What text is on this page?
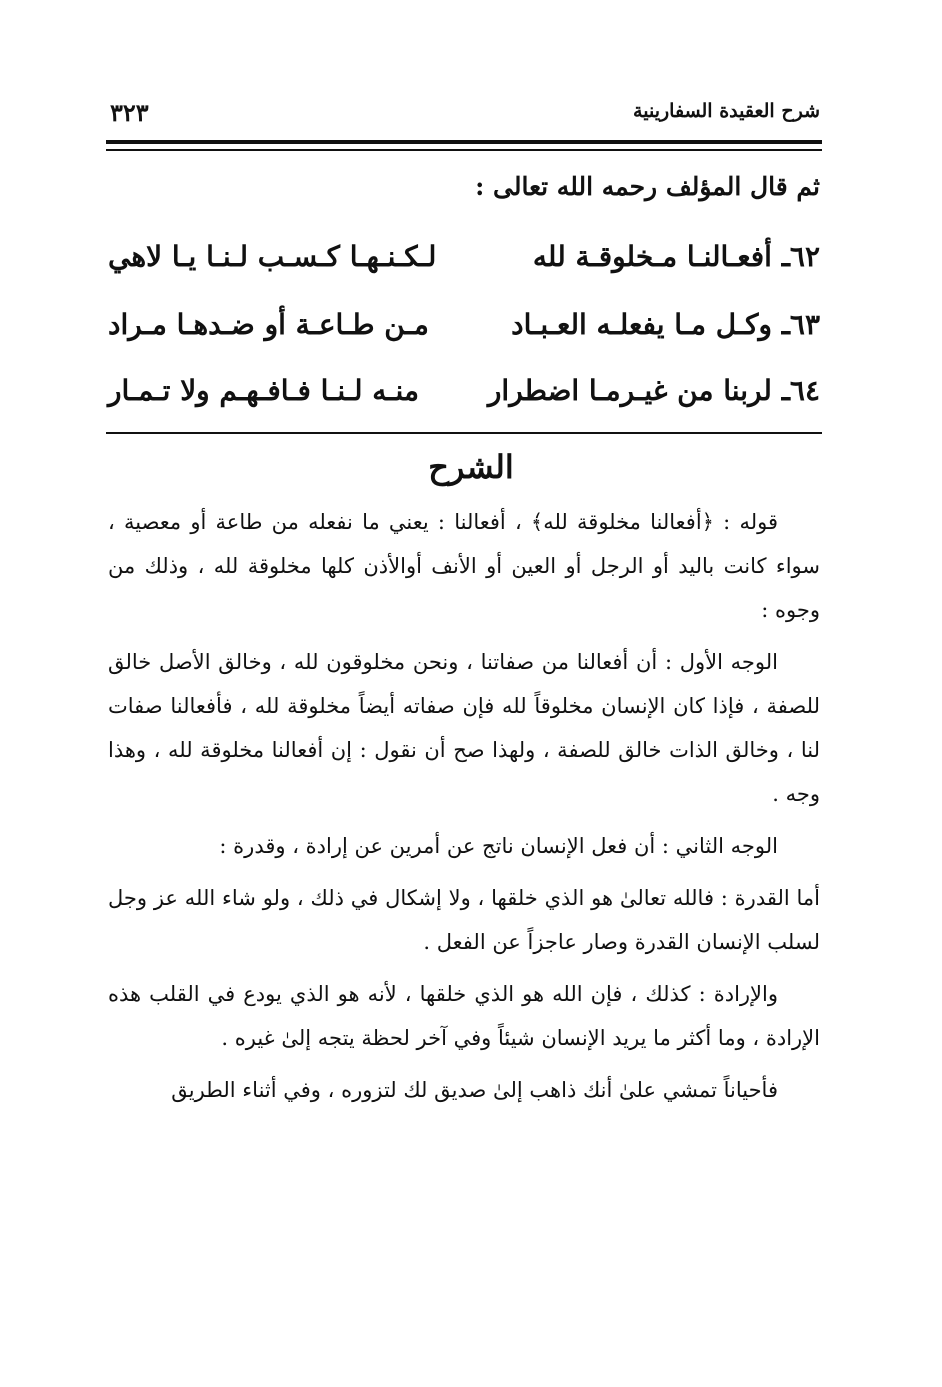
شرح العقيدة السفارينية
٣٢٣
ثم قال المؤلف رحمه الله تعالى :
٦٢ـ أفعـالنـا مـخلوقـة لله
لـكـنـهـا كـسـب لـنـا يـا لاهي
٦٣ـ وكـل مـا يفعلـه العـبـاد
مـن طـاعـة أو ضـدهـا مـراد
٦٤ـ لربنا من غيـرمـا اضطرار
منـه لـنـا فـافـهـم ولا تـمـار
الشرح

قوله : ﴿أفعالنا مخلوقة لله﴾ ، أفعالنا : يعني ما نفعله من طاعة أو معصية ، سواء كانت باليد أو الرجل أو العين أو الأنف أوالأذن كلها مخلوقة لله ، وذلك من وجوه :

الوجه الأول : أن أفعالنا من صفاتنا ، ونحن مخلوقون لله ، وخالق الأصل خالق للصفة ، فإذا كان الإنسان مخلوقاً لله فإن صفاته أيضاً مخلوقة لله ، فأفعالنا صفات لنا ، وخالق الذات خالق للصفة ، ولهذا صح أن نقول : إن أفعالنا مخلوقة لله ، وهذا وجه .

الوجه الثاني : أن فعل الإنسان ناتج عن أمرين عن إرادة ، وقدرة :

أما القدرة : فالله تعالىٰ هو الذي خلقها ، ولا إشكال في ذلك ، ولو شاء الله عز وجل لسلب الإنسان القدرة وصار عاجزاً عن الفعل .

والإرادة : كذلك ، فإن الله هو الذي خلقها ، لأنه هو الذي يودع في القلب هذه الإرادة ، وما أكثر ما يريد الإنسان شيئاً وفي آخر لحظة يتجه إلىٰ غيره .

فأحياناً تمشي علىٰ أنك ذاهب إلىٰ صديق لك لتزوره ، وفي أثناء الطريق
